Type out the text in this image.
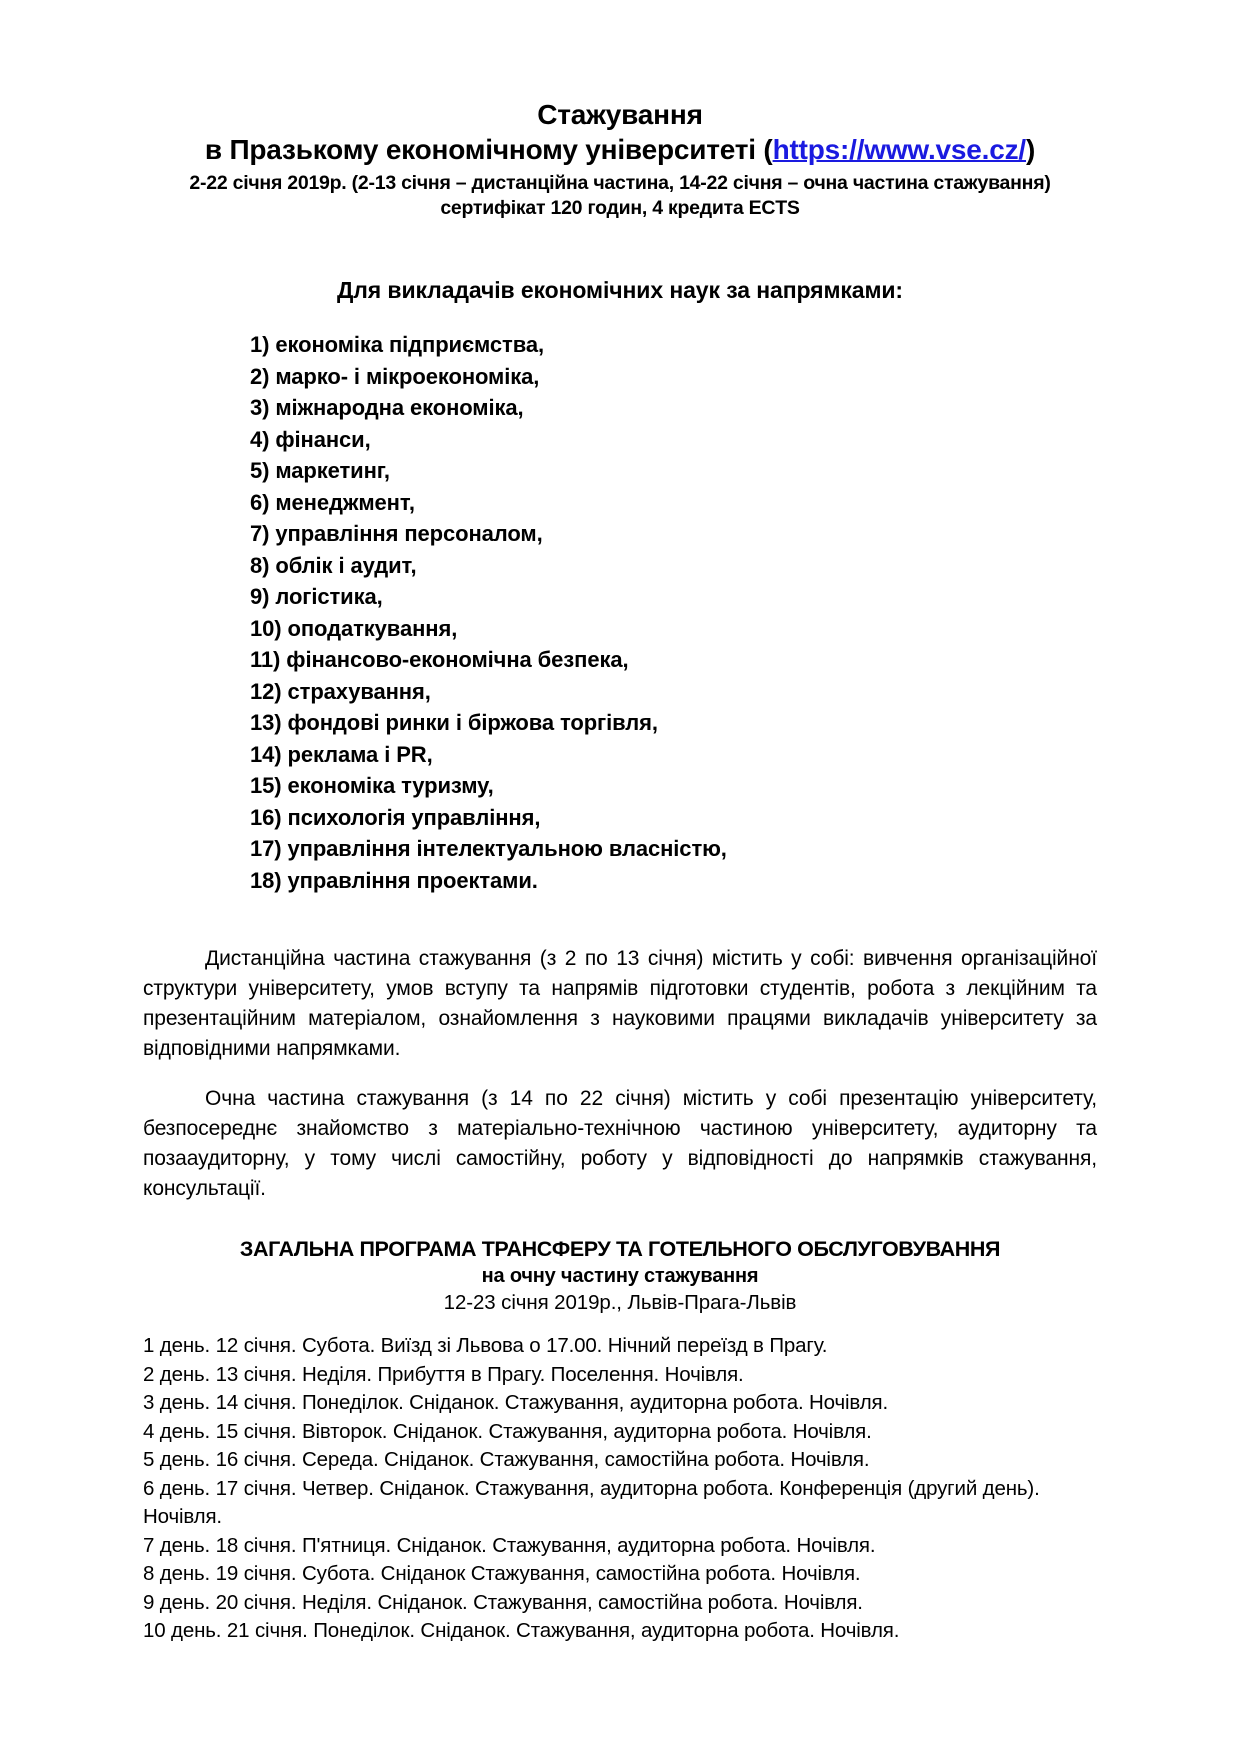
Стажування
в Празькому економічному університеті (https://www.vse.cz/)
2-22 січня 2019р. (2-13 січня – дистанційна частина, 14-22 січня – очна частина стажування)
сертифікат 120 годин, 4 кредита ECTS
Для викладачів економічних наук за напрямками:
1) економіка підприємства,
2) марко- і мікроекономіка,
3) міжнародна економіка,
4) фінанси,
5) маркетинг,
6) менеджмент,
7) управління персоналом,
8) облік і аудит,
9) логістика,
10) оподаткування,
11) фінансово-економічна безпека,
12) страхування,
13) фондові ринки і біржова торгівля,
14) реклама і PR,
15) економіка туризму,
16) психологія управління,
17) управління інтелектуальною власністю,
18) управління проектами.

Дистанційна частина стажування (з 2 по 13 січня) містить у собі: вивчення організаційної структури університету, умов вступу та напрямів підготовки студентів, робота з лекційним та презентаційним матеріалом, ознайомлення з науковими працями викладачів університету за відповідними напрямками.

Очна частина стажування (з 14 по 22 січня) містить у собі презентацію університету, безпосереднє знайомство з матеріально-технічною частиною університету, аудиторну та позааудиторну, у тому числі самостійну, роботу у відповідності до напрямків стажування, консультації.

ЗАГАЛЬНА ПРОГРАМА ТРАНСФЕРУ ТА ГОТЕЛЬНОГО ОБСЛУГОВУВАННЯ
на очну частину стажування
12-23 січня 2019р., Львів-Прага-Львів
1 день. 12 січня. Субота. Виїзд зі Львова о 17.00. Нічний переїзд в Прагу.
2 день. 13 січня. Неділя. Прибуття в Прагу. Поселення. Ночівля.
3 день. 14 січня. Понеділок. Сніданок. Стажування, аудиторна робота. Ночівля.
4 день. 15 січня. Вівторок. Сніданок. Стажування, аудиторна робота. Ночівля.
5 день. 16 січня. Середа. Сніданок. Стажування, самостійна робота. Ночівля.
6 день. 17 січня. Четвер. Сніданок. Стажування, аудиторна робота. Конференція (другий день). Ночівля.
7 день. 18 січня. П'ятниця. Сніданок. Стажування, аудиторна робота. Ночівля.
8 день. 19 січня. Субота. Сніданок Стажування, самостійна робота. Ночівля.
9 день. 20 січня. Неділя. Сніданок. Стажування, самостійна робота. Ночівля.
10 день. 21 січня. Понеділок. Сніданок. Стажування, аудиторна робота. Ночівля.
